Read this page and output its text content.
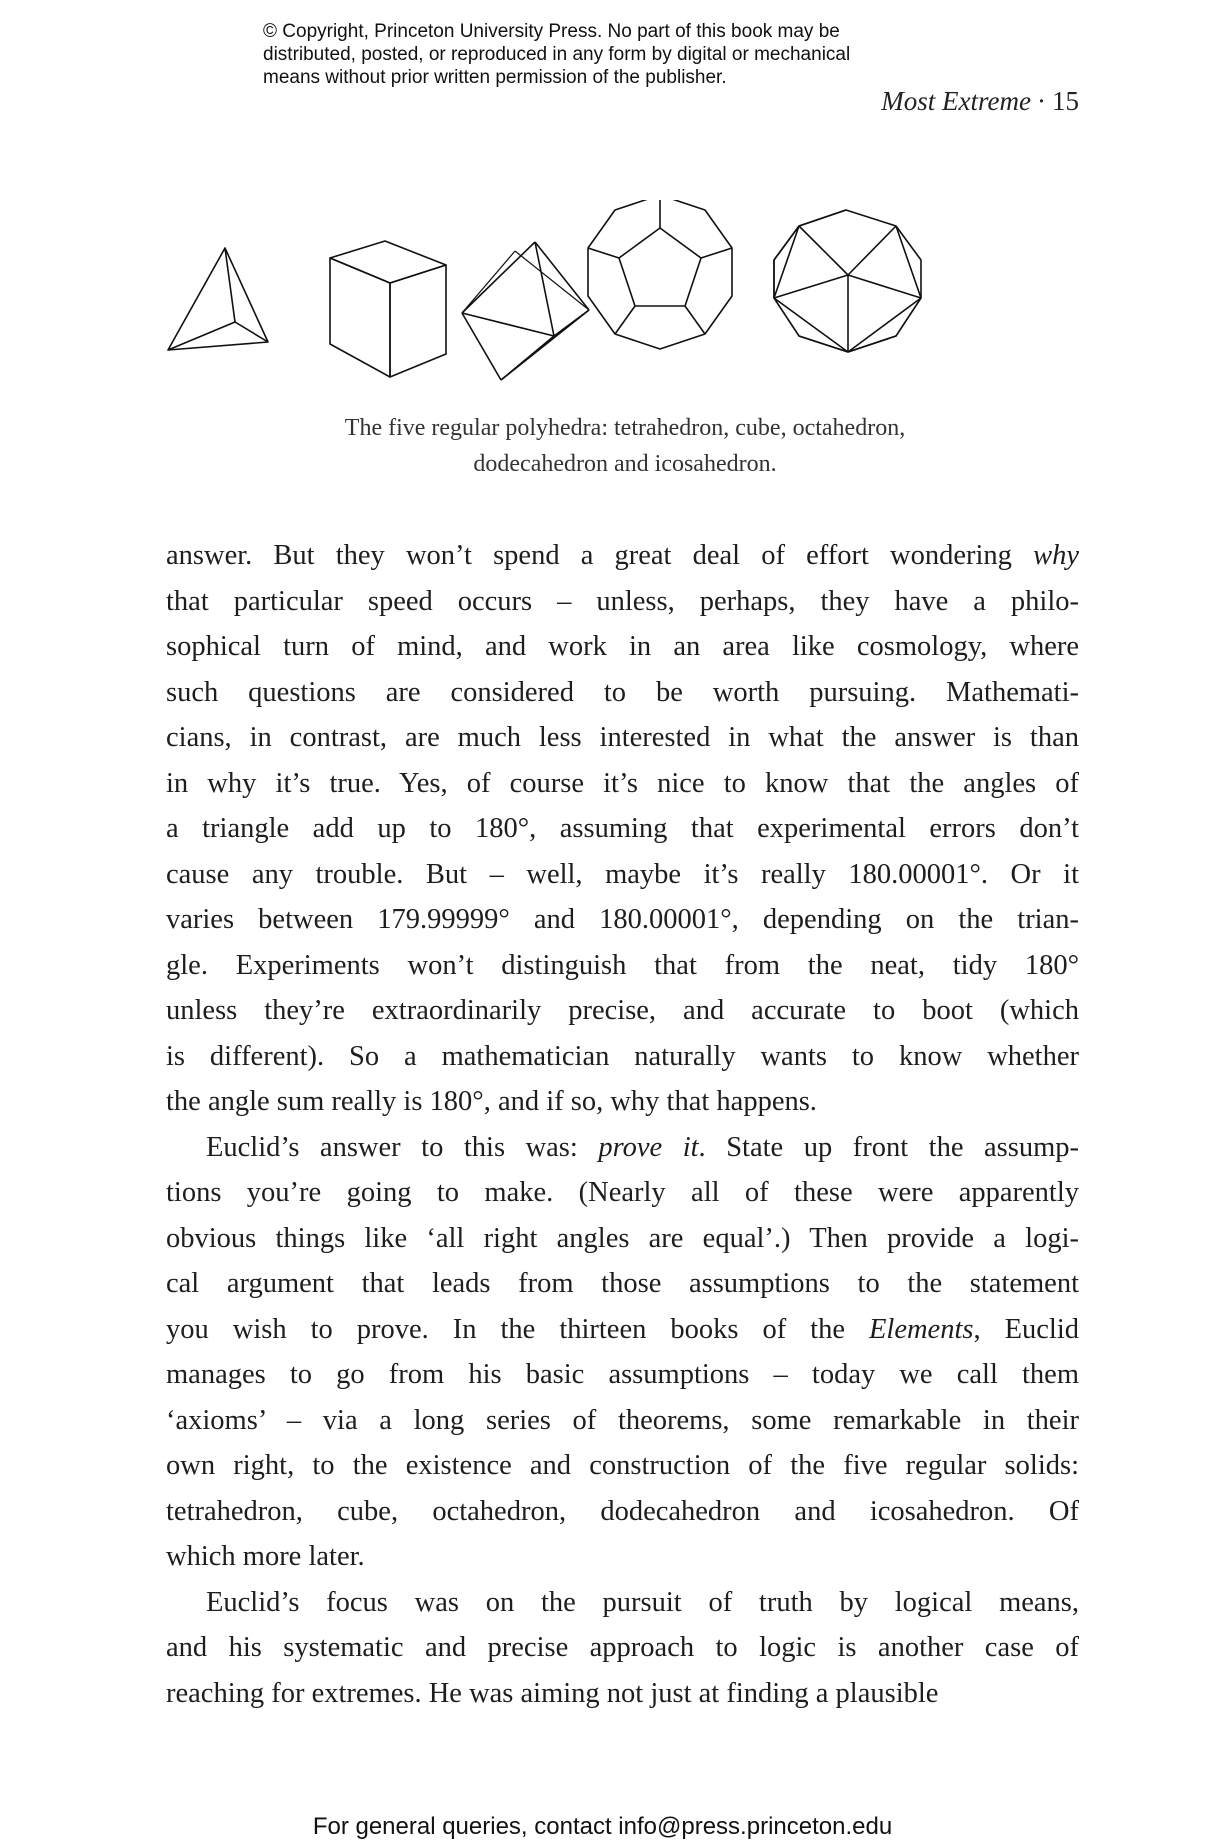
© Copyright, Princeton University Press. No part of this book may be
distributed, posted, or reproduced in any form by digital or mechanical
means without prior written permission of the publisher.
Most Extreme · 15
The five regular polyhedra: tetrahedron, cube, octahedron,
dodecahedron and icosahedron.
answer. But they won’t spend a great deal of effort wondering why
that particular speed occurs – unless, perhaps, they have a philo-
sophical turn of mind, and work in an area like cosmology, where
such questions are considered to be worth pursuing. Mathemati-
cians, in contrast, are much less interested in what the answer is than
in why it’s true. Yes, of course it’s nice to know that the angles of
a triangle add up to 180°, assuming that experimental errors don’t
cause any trouble. But – well, maybe it’s really 180.00001°. Or it
varies between 179.99999° and 180.00001°, depending on the trian-
gle. Experiments won’t distinguish that from the neat, tidy 180°
unless they’re extraordinarily precise, and accurate to boot (which
is different). So a mathematician naturally wants to know whether
the angle sum really is 180°, and if so, why that happens.
Euclid’s answer to this was: prove it. State up front the assump-
tions you’re going to make. (Nearly all of these were apparently
obvious things like ‘all right angles are equal’.) Then provide a logi-
cal argument that leads from those assumptions to the statement
you wish to prove. In the thirteen books of the Elements, Euclid
manages to go from his basic assumptions – today we call them
‘axioms’ – via a long series of theorems, some remarkable in their
own right, to the existence and construction of the five regular solids:
tetrahedron, cube, octahedron, dodecahedron and icosahedron. Of
which more later.
Euclid’s focus was on the pursuit of truth by logical means,
and his systematic and precise approach to logic is another case of
reaching for extremes. He was aiming not just at finding a plausible
For general queries, contact info@press.princeton.edu
